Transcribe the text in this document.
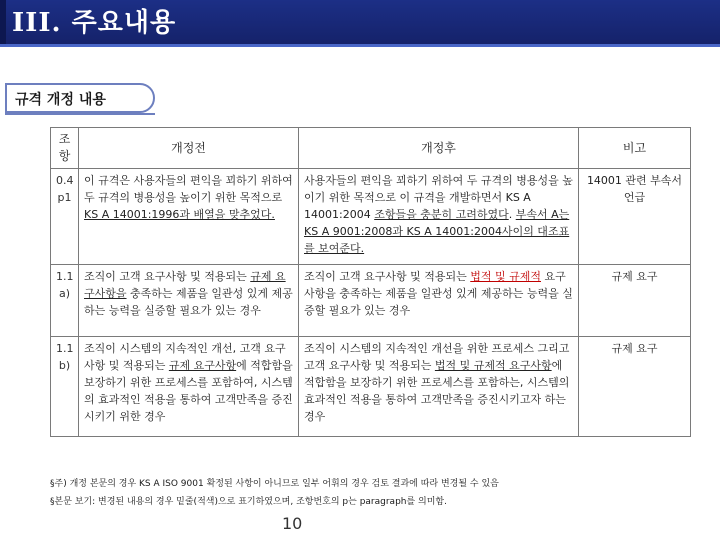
III. 주요내용
규격 개정 내용
조항	개정전	개정후	비고

0.4
p1	이 규격은 사용자들의 편익을 꾀하기 위하여 두 규격의 병용성을 높이기 위한 목적으로 KS A 14001:1996과 배열을 맞추었다.	사용자들의 편익을 꾀하기 위하여 두 규격의 병용성을 높이기 위한 목적으로 이 규격을 개발하면서 KS A 14001:2004 조항들을 충분히 고려하였다. 부속서 A는 KS A 9001:2008과 KS A 14001:2004사이의 대조표를 보여준다.	14001 관련 부속서 언급

1.1
a)	조직이 고객 요구사항 및 적용되는 규제 요구사항을 충족하는 제품을 일관성 있게 제공하는 능력을 실증할 필요가 있는 경우	조직이 고객 요구사항 및 적용되는 법적 및 규제적 요구사항을 충족하는 제품을 일관성 있게 제공하는 능력을 실증할 필요가 있는 경우	규제 요구

1.1
b)	조직이 시스템의 지속적인 개선, 고객 요구사항 및 적용되는 규제 요구사항에 적합함을 보장하기 위한 프로세스를 포함하여, 시스템의 효과적인 적용을 통하여 고객만족을 증진시키기 위한 경우	조직이 시스템의 지속적인 개선을 위한 프로세스 그리고 고객 요구사항 및 적용되는 법적 및 규제적 요구사항에 적합함을 보장하기 위한 프로세스를 포함하는, 시스템의 효과적인 적용을 통하여 고객만족을 증진시키고자 하는 경우	규제 요구
§주) 개정 본문의 경우 KS A ISO 9001 확정된 사항이 아니므로 일부 어휘의 경우 검토 결과에 따라 변경될 수 있음
§본문 보기: 변경된 내용의 경우 밑줄(적색)으로 표기하였으며, 조항번호의 p는 paragraph를 의미함.
10
